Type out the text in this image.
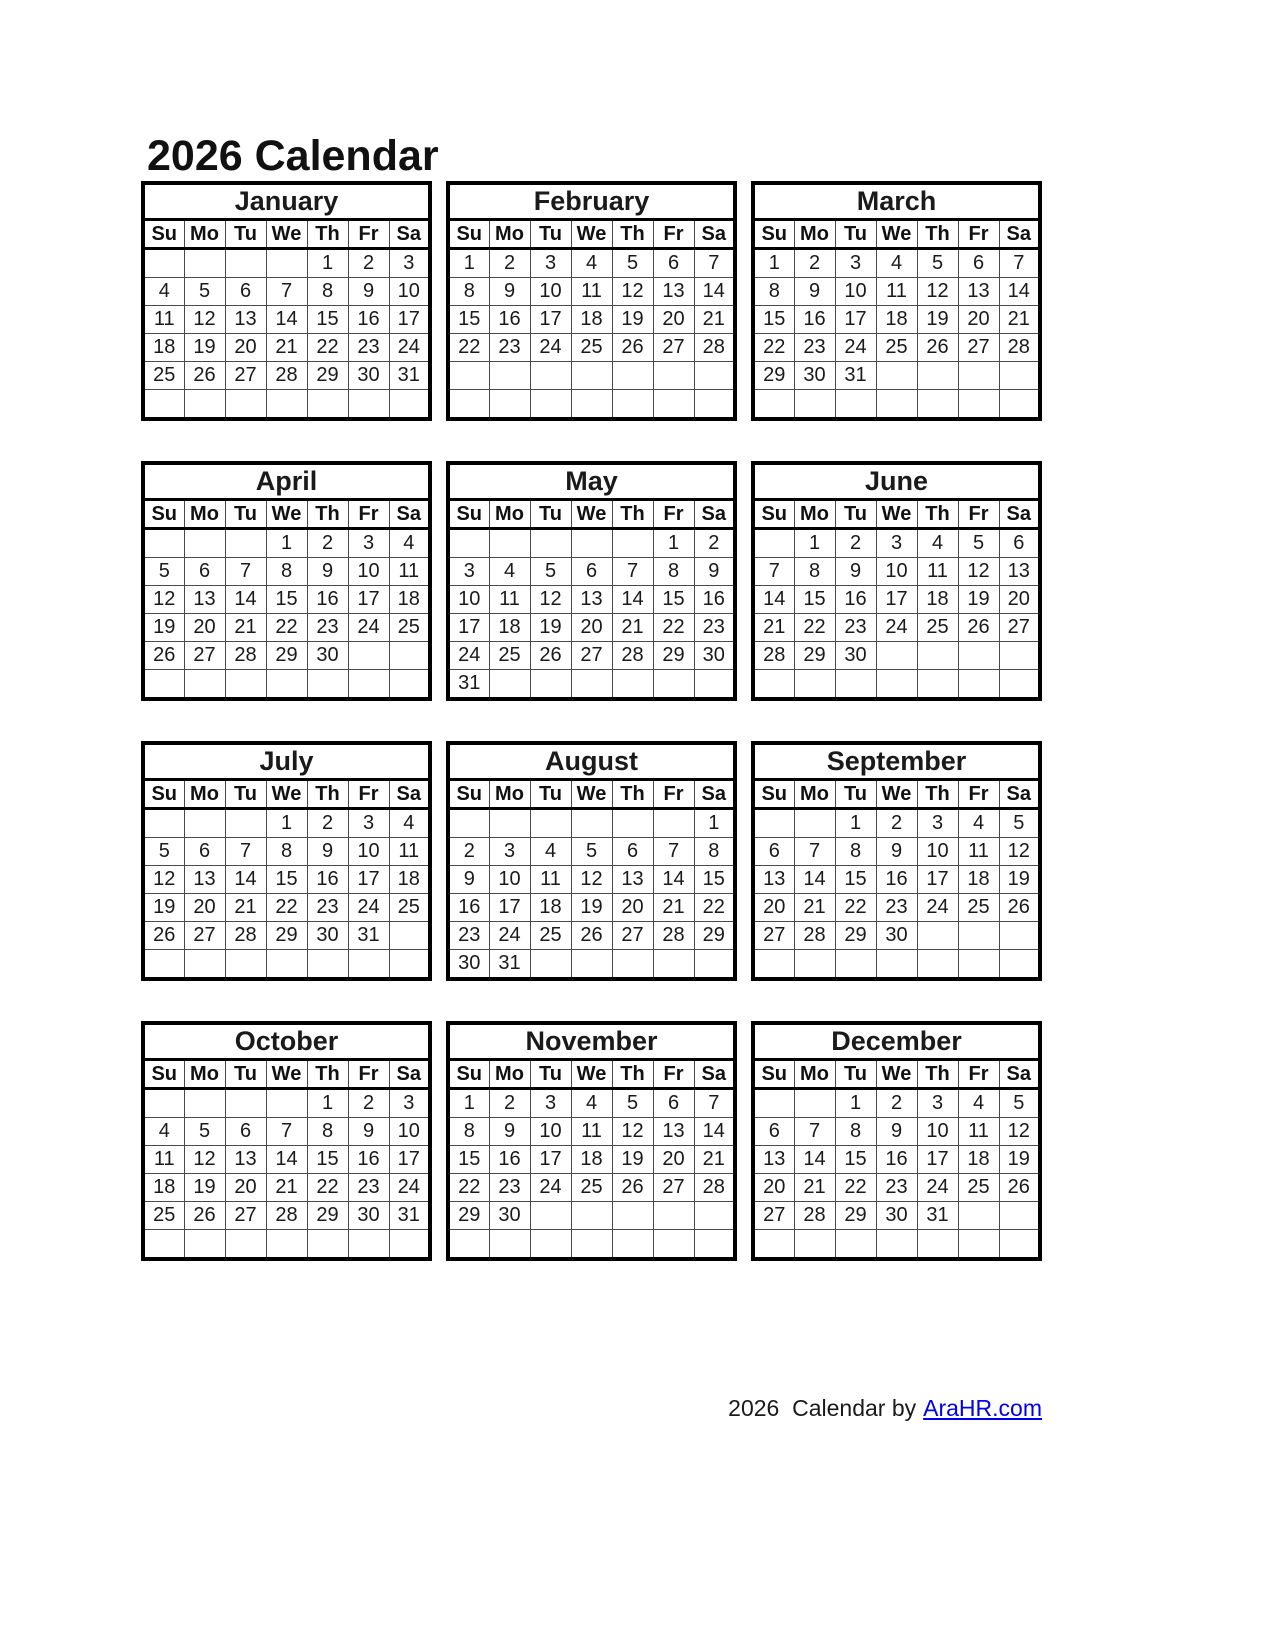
2026 Calendar
January						
Su	Mo	Tu	We	Th	Fr	Sa
				1	2	3
4	5	6	7	8	9	10
11	12	13	14	15	16	17
18	19	20	21	22	23	24
25	26	27	28	29	30	31

February						
Su	Mo	Tu	We	Th	Fr	Sa
1	2	3	4	5	6	7
8	9	10	11	12	13	14
15	16	17	18	19	20	21
22	23	24	25	26	27	28

March						
Su	Mo	Tu	We	Th	Fr	Sa
1	2	3	4	5	6	7
8	9	10	11	12	13	14
15	16	17	18	19	20	21
22	23	24	25	26	27	28
29	30	31				

April						
Su	Mo	Tu	We	Th	Fr	Sa
			1	2	3	4
5	6	7	8	9	10	11
12	13	14	15	16	17	18
19	20	21	22	23	24	25
26	27	28	29	30		

May						
Su	Mo	Tu	We	Th	Fr	Sa
					1	2
3	4	5	6	7	8	9
10	11	12	13	14	15	16
17	18	19	20	21	22	23
24	25	26	27	28	29	30
31						
June						
Su	Mo	Tu	We	Th	Fr	Sa
	1	2	3	4	5	6
7	8	9	10	11	12	13
14	15	16	17	18	19	20
21	22	23	24	25	26	27
28	29	30				

July						
Su	Mo	Tu	We	Th	Fr	Sa
			1	2	3	4
5	6	7	8	9	10	11
12	13	14	15	16	17	18
19	20	21	22	23	24	25
26	27	28	29	30	31	

August						
Su	Mo	Tu	We	Th	Fr	Sa
						1
2	3	4	5	6	7	8
9	10	11	12	13	14	15
16	17	18	19	20	21	22
23	24	25	26	27	28	29
30	31					
September						
Su	Mo	Tu	We	Th	Fr	Sa
		1	2	3	4	5
6	7	8	9	10	11	12
13	14	15	16	17	18	19
20	21	22	23	24	25	26
27	28	29	30			

October						
Su	Mo	Tu	We	Th	Fr	Sa
				1	2	3
4	5	6	7	8	9	10
11	12	13	14	15	16	17
18	19	20	21	22	23	24
25	26	27	28	29	30	31

November						
Su	Mo	Tu	We	Th	Fr	Sa
1	2	3	4	5	6	7
8	9	10	11	12	13	14
15	16	17	18	19	20	21
22	23	24	25	26	27	28
29	30					

December						
Su	Mo	Tu	We	Th	Fr	Sa
		1	2	3	4	5
6	7	8	9	10	11	12
13	14	15	16	17	18	19
20	21	22	23	24	25	26
27	28	29	30	31		

2026  Calendar by AraHR.com
